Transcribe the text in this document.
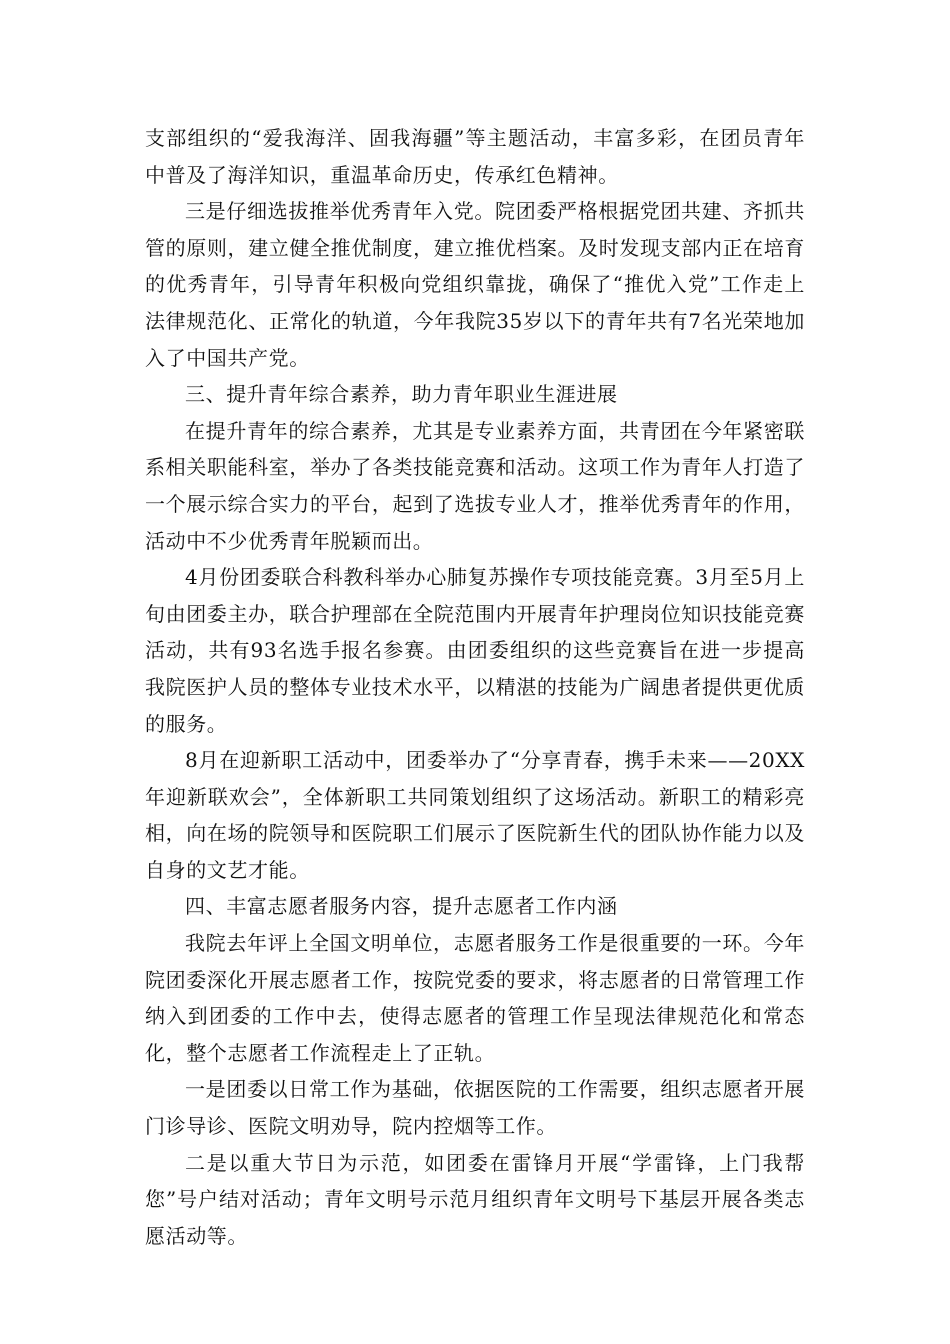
支部组织的“爱我海洋、固我海疆”等主题活动，丰富多彩，在团员青年中普及了海洋知识，重温革命历史，传承红色精神。

三是仔细选拔推举优秀青年入党。院团委严格根据党团共建、齐抓共管的原则，建立健全推优制度，建立推优档案。及时发现支部内正在培育的优秀青年，引导青年积极向党组织靠拢，确保了“推优入党”工作走上法律规范化、正常化的轨道，今年我院35岁以下的青年共有7名光荣地加入了中国共产党。

三、提升青年综合素养，助力青年职业生涯进展

在提升青年的综合素养，尤其是专业素养方面，共青团在今年紧密联系相关职能科室，举办了各类技能竞赛和活动。这项工作为青年人打造了一个展示综合实力的平台，起到了选拔专业人才，推举优秀青年的作用，活动中不少优秀青年脱颖而出。

4月份团委联合科教科举办心肺复苏操作专项技能竞赛。3月至5月上旬由团委主办，联合护理部在全院范围内开展青年护理岗位知识技能竞赛活动，共有93名选手报名参赛。由团委组织的这些竞赛旨在进一步提高我院医护人员的整体专业技术水平，以精湛的技能为广阔患者提供更优质的服务。

8月在迎新职工活动中，团委举办了“分享青春，携手未来——20XX年迎新联欢会”，全体新职工共同策划组织了这场活动。新职工的精彩亮相，向在场的院领导和医院职工们展示了医院新生代的团队协作能力以及自身的文艺才能。

四、丰富志愿者服务内容，提升志愿者工作内涵

我院去年评上全国文明单位，志愿者服务工作是很重要的一环。今年院团委深化开展志愿者工作，按院党委的要求，将志愿者的日常管理工作纳入到团委的工作中去，使得志愿者的管理工作呈现法律规范化和常态化，整个志愿者工作流程走上了正轨。

一是团委以日常工作为基础，依据医院的工作需要，组织志愿者开展门诊导诊、医院文明劝导，院内控烟等工作。

二是以重大节日为示范，如团委在雷锋月开展“学雷锋，上门我帮您”号户结对活动；青年文明号示范月组织青年文明号下基层开展各类志愿活动等。
